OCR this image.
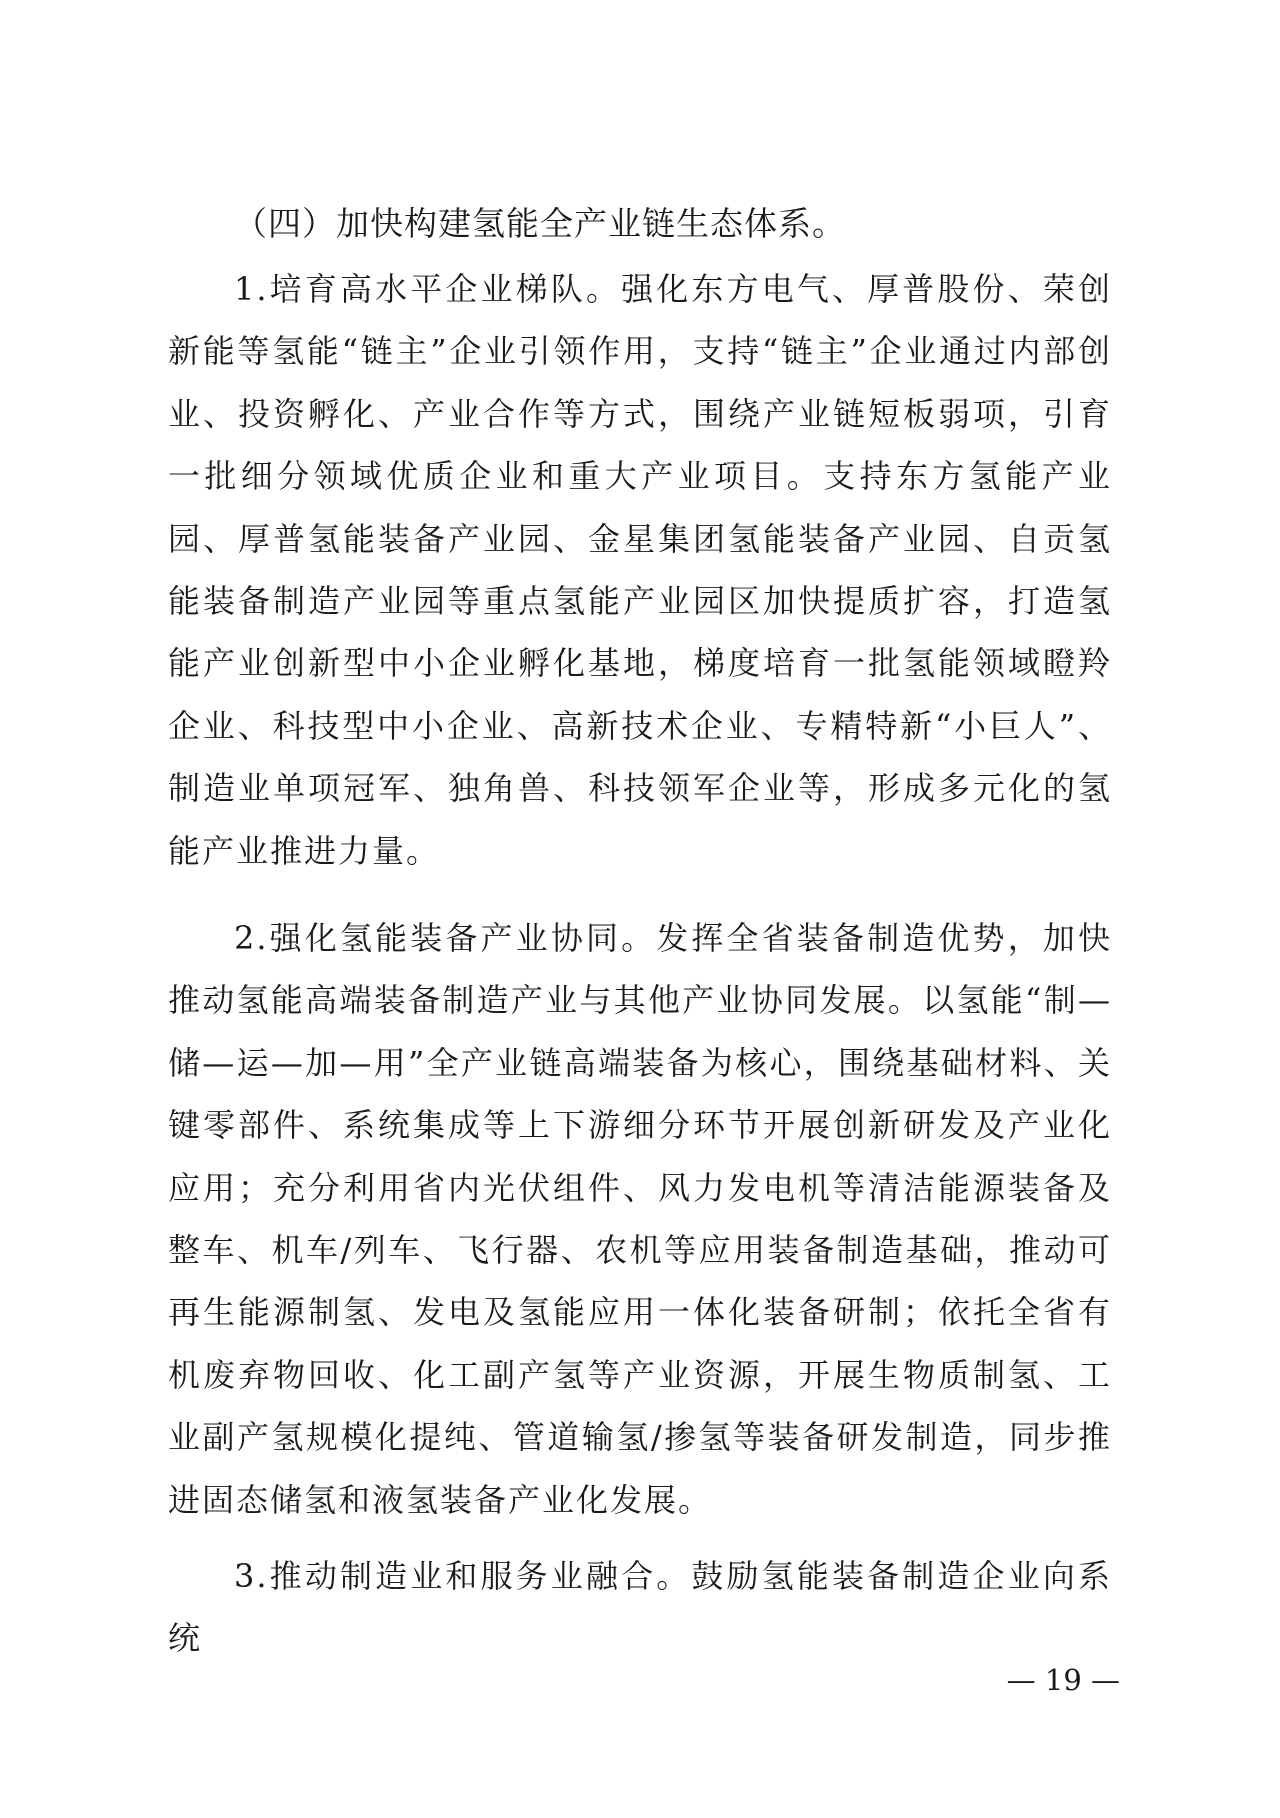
（四）加快构建氢能全产业链生态体系。

1.培育高水平企业梯队。强化东方电气、厚普股份、荣创新能等氢能“链主”企业引领作用，支持“链主”企业通过内部创业、投资孵化、产业合作等方式，围绕产业链短板弱项，引育一批细分领域优质企业和重大产业项目。支持东方氢能产业园、厚普氢能装备产业园、金星集团氢能装备产业园、自贡氢能装备制造产业园等重点氢能产业园区加快提质扩容，打造氢能产业创新型中小企业孵化基地，梯度培育一批氢能领域瞪羚企业、科技型中小企业、高新技术企业、专精特新“小巨人”、制造业单项冠军、独角兽、科技领军企业等，形成多元化的氢能产业推进力量。

2.强化氢能装备产业协同。发挥全省装备制造优势，加快推动氢能高端装备制造产业与其他产业协同发展。以氢能“制—储—运—加—用”全产业链高端装备为核心，围绕基础材料、关键零部件、系统集成等上下游细分环节开展创新研发及产业化应用；充分利用省内光伏组件、风力发电机等清洁能源装备及整车、机车/列车、飞行器、农机等应用装备制造基础，推动可再生能源制氢、发电及氢能应用一体化装备研制；依托全省有机废弃物回收、化工副产氢等产业资源，开展生物质制氢、工业副产氢规模化提纯、管道输氢/掺氢等装备研发制造，同步推进固态储氢和液氢装备产业化发展。

3.推动制造业和服务业融合。鼓励氢能装备制造企业向系统

— 19 —
